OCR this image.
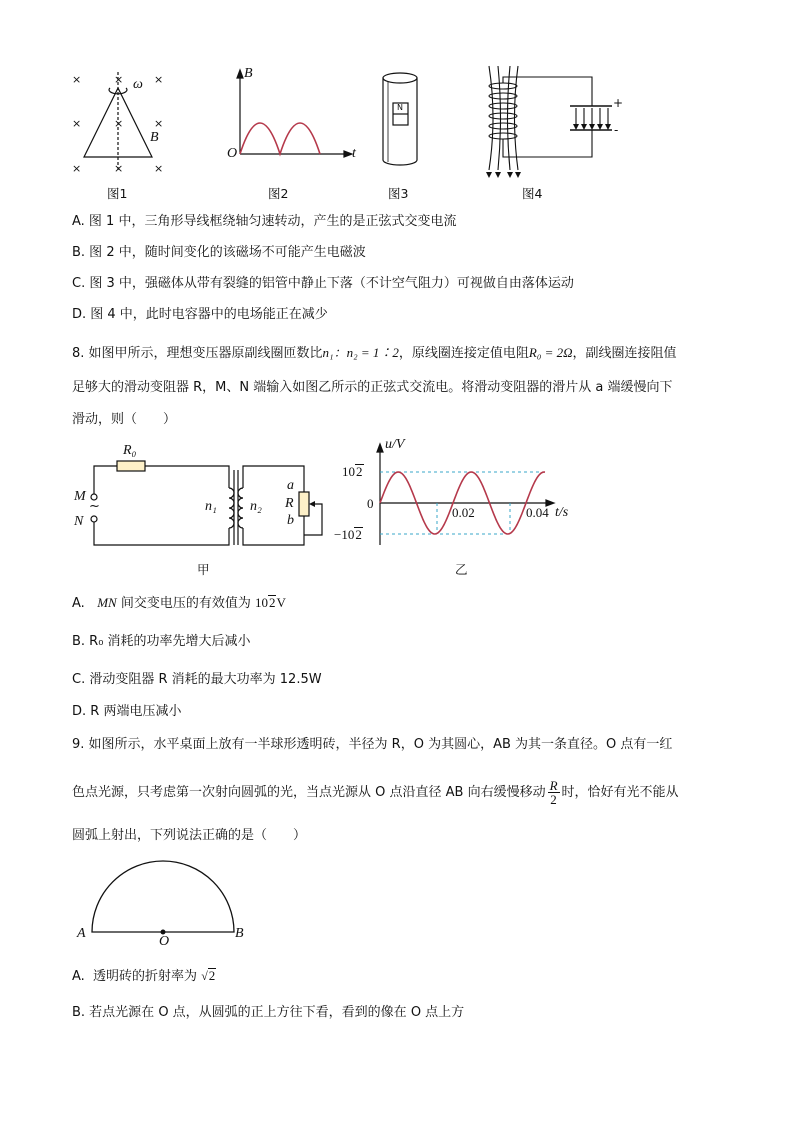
×	×	×
×	×	×
×	×	×
ω
B
图1
B
O	t
图2
N
图3
+
-
图4
A. 图 1 中，三角形导线框绕轴匀速转动，产生的是正弦式交变电流
B. 图 2 中，随时间变化的该磁场不可能产生电磁波
C. 图 3 中，强磁体从带有裂缝的铝管中静止下落（不计空气阻力）可视做自由落体运动
D. 图 4 中，此时电容器中的电场能正在减少
8. 如图甲所示，理想变压器原副线圈匝数比n₁：n₂ = 1∶2，原线圈连接定值电阻R₀ = 2Ω，副线圈连接阻值
足够大的滑动变阻器 R，M、N 端输入如图乙所示的正弦式交流电。将滑动变阻器的滑片从 a 端缓慢向下
滑动，则（　　）
R₀
M
~
N
n₁ n₂
a
R
b
甲
u/V
102
0
−102
0.02	0.04 t/s
乙
A.   MN 间交变电压的有效值为 102V
B. R₀ 消耗的功率先增大后减小
C. 滑动变阻器 R 消耗的最大功率为 12.5W
D. R 两端电压减小
9. 如图所示，水平桌面上放有一半球形透明砖，半径为 R，O 为其圆心，AB 为其一条直径。O 点有一红
色点光源，只考虑第一次射向圆弧的光，当点光源从 O 点沿直径 AB 向右缓慢移动 $\frac{R}{2}$ 时，恰好有光不能从
圆弧上射出，下列说法正确的是（　　）
A
O
B
A.  透明砖的折射率为 √2
B. 若点光源在 O 点，从圆弧的正上方往下看，看到的像在 O 点上方
